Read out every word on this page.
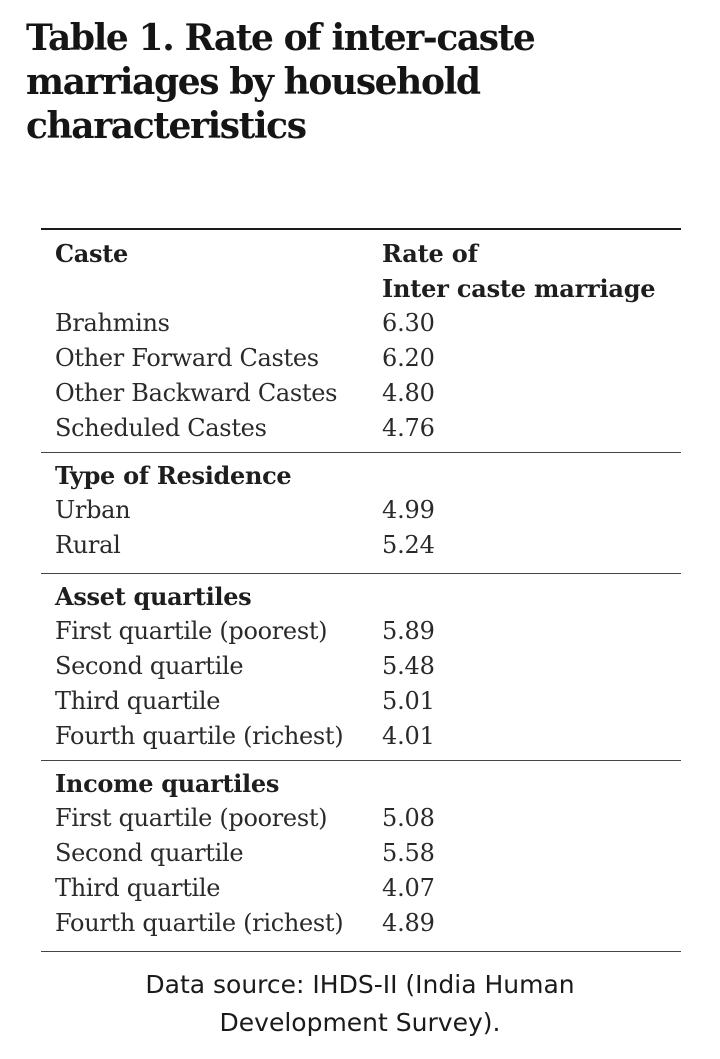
Table 1. Rate of inter-caste
marriages by household
characteristics
Caste	Rate of
Inter caste marriage
Brahmins	6.30
Other Forward Castes	6.20
Other Backward Castes 4.80
Scheduled Castes	4.76
Type of Residence
Urban	4.99
Rural	5.24
Asset quartiles
First quartile (poorest) 5.89
Second quartile	5.48
Third quartile	5.01
Fourth quartile (richest) 4.01
Income quartiles
First quartile (poorest) 5.08
Second quartile	5.58
Third quartile	4.07
Fourth quartile (richest) 4.89
Data source: IHDS-II (India Human
Development Survey).
